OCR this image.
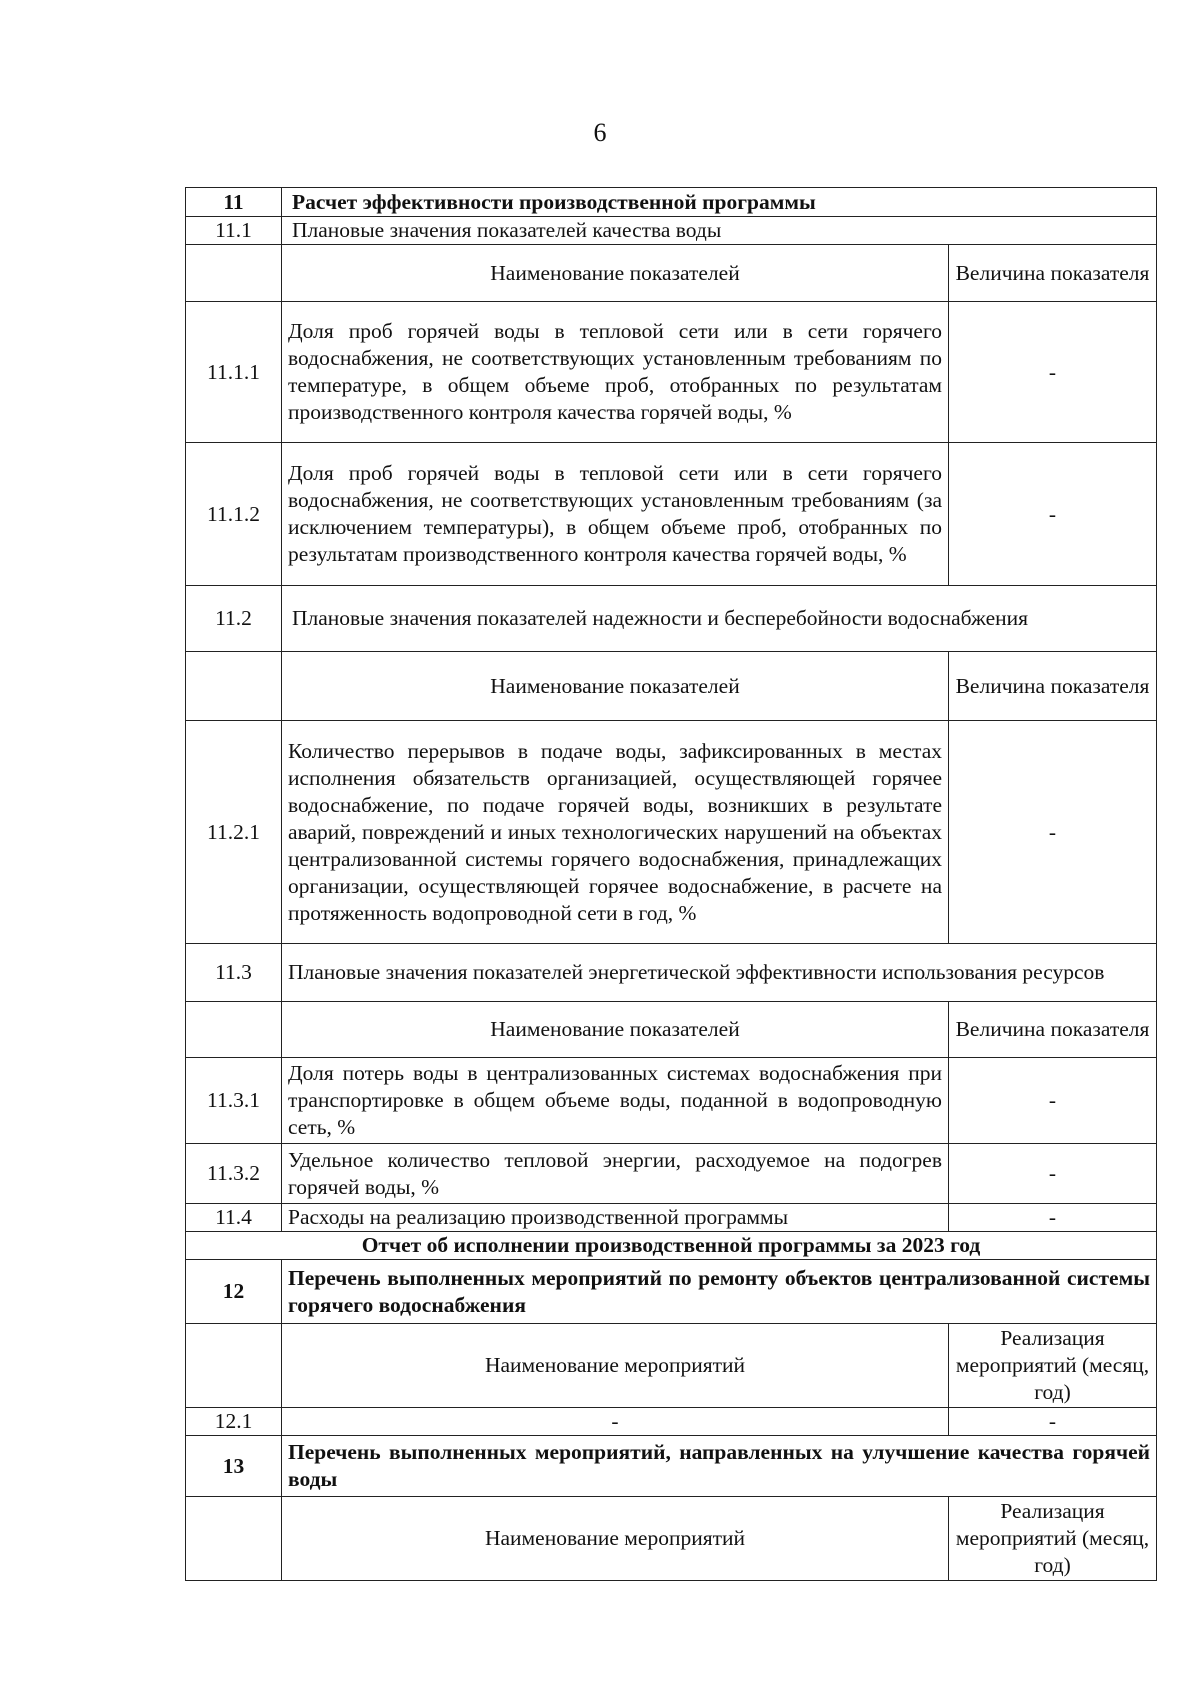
6
11	Расчет эффективности производственной программы	
11.1	Плановые значения показателей качества воды	
	Наименование показателей	Величина показателя
11.1.1	Доля проб горячей воды в тепловой сети или в сети горячего водоснабжения, не соответствующих установленным требованиям по температуре, в общем объеме проб, отобранных по результатам производственного контроля качества горячей воды, %	-
11.1.2	Доля проб горячей воды в тепловой сети или в сети горячего водоснабжения, не соответствующих установленным требованиям (за исключением температуры), в общем объеме проб, отобранных по результатам производственного контроля качества горячей воды, %	-
11.2	Плановые значения показателей надежности и бесперебойности водоснабжения	
	Наименование показателей	Величина показателя
11.2.1	Количество перерывов в подаче воды, зафиксированных в местах исполнения обязательств организацией, осуществляющей горячее водоснабжение, по подаче горячей воды, возникших в результате аварий, повреждений и иных технологических нарушений на объектах централизованной системы горячего водоснабжения, принадлежащих организации, осуществляющей горячее водоснабжение, в расчете на протяженность водопроводной сети в год, %	-
11.3	Плановые значения показателей энергетической эффективности использования ресурсов	
	Наименование показателей	Величина показателя
11.3.1	Доля потерь воды в централизованных системах водоснабжения при транспортировке в общем объеме воды, поданной в водопроводную сеть, %	-
11.3.2	Удельное количество тепловой энергии, расходуемое на подогрев горячей воды, %	-
11.4	Расходы на реализацию производственной программы	-
Отчет об исполнении производственной программы за 2023 год		
12	Перечень выполненных мероприятий по ремонту объектов централизованной системы горячего водоснабжения	
	Наименование мероприятий	Реализация мероприятий (месяц, год)
12.1	-	-
13	Перечень выполненных мероприятий, направленных на улучшение качества горячей воды	
	Наименование мероприятий	Реализация мероприятий (месяц, год)
